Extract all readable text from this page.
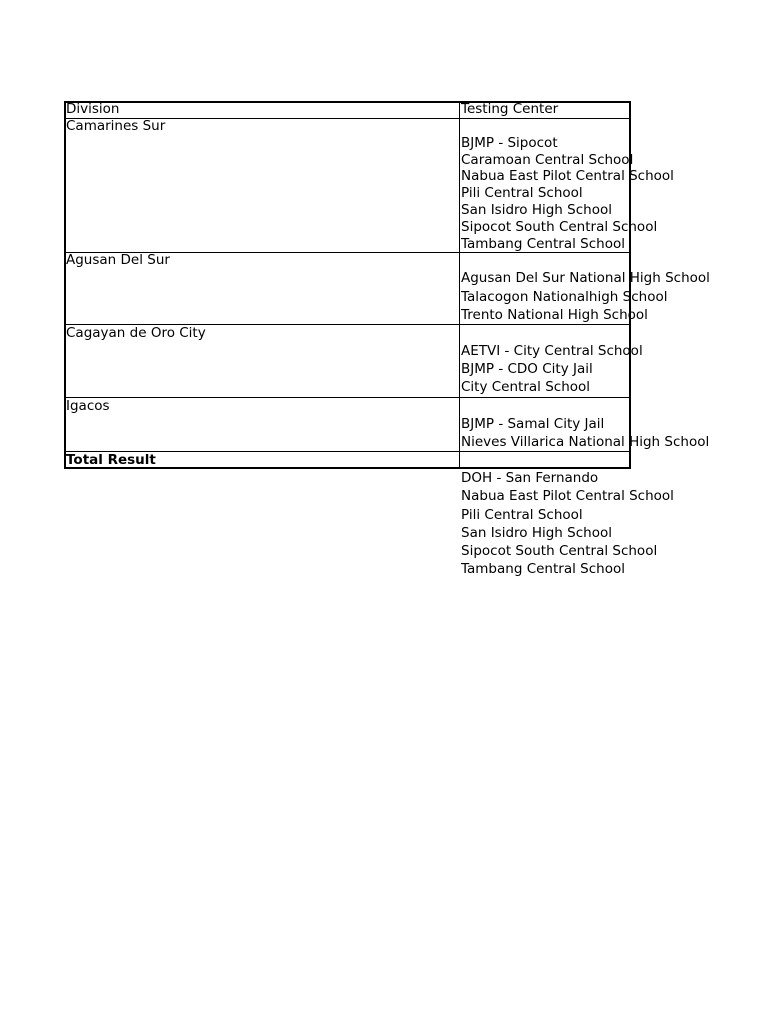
Division	Testing Center
Camarines Sur
BJMP - Sipocot
Caramoan Central School
Nabua East Pilot Central School
Pili Central School
San Isidro High School
Sipocot South Central School
Tambang Central School
Agusan Del Sur
Agusan Del Sur National High School
Talacogon Nationalhigh School
Trento National High School
Cagayan de Oro City
AETVI - City Central School
BJMP - CDO City Jail
City Central School
Igacos
BJMP - Samal City Jail
Nieves Villarica National High School
Total Result
DOH - San Fernando
Nabua East Pilot Central School
Pili Central School
San Isidro High School
Sipocot South Central School
Tambang Central School
